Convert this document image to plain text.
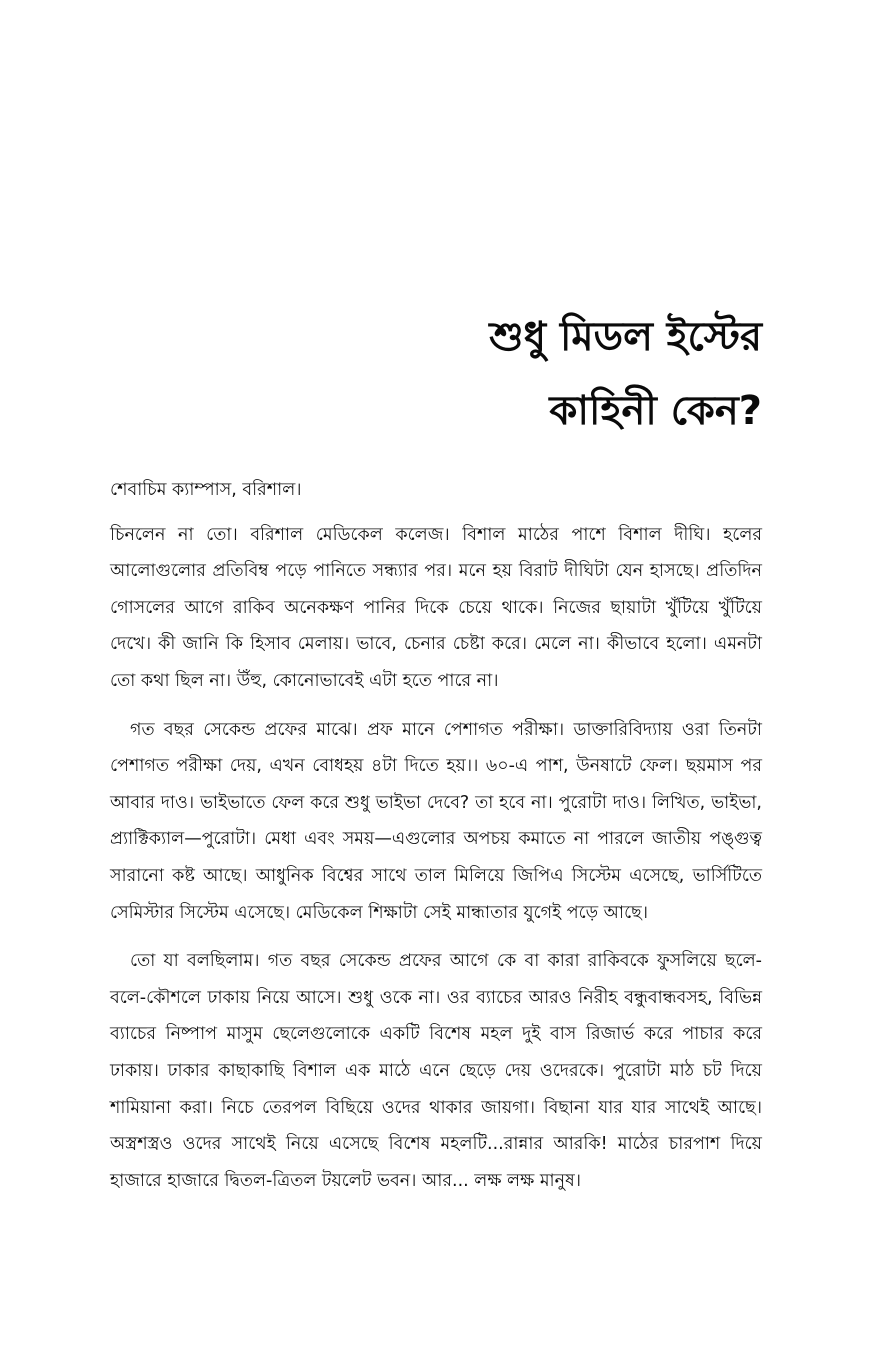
শুধু মিডল ইস্টের
কাহিনী কেন?

শেবাচিম ক্যাম্পাস, বরিশাল।

চিনলেন না তো। বরিশাল মেডিকেল কলেজ। বিশাল মাঠের পাশে বিশাল দীঘি। হলের আলোগুলোর প্রতিবিম্ব পড়ে পানিতে সন্ধ্যার পর। মনে হয় বিরাট দীঘিটা যেন হাসছে। প্রতিদিন গোসলের আগে রাকিব অনেকক্ষণ পানির দিকে চেয়ে থাকে। নিজের ছায়াটা খুঁটিয়ে খুঁটিয়ে দেখে। কী জানি কি হিসাব মেলায়। ভাবে, চেনার চেষ্টা করে। মেলে না। কীভাবে হলো। এমনটা তো কথা ছিল না। উঁহু, কোনোভাবেই এটা হতে পারে না।

গত বছর সেকেন্ড প্রফের মাঝে। প্রফ মানে পেশাগত পরীক্ষা। ডাক্তারিবিদ্যায় ওরা তিনটা পেশাগত পরীক্ষা দেয়, এখন বোধহয় ৪টা দিতে হয়।। ৬০-এ পাশ, উনষাটে ফেল। ছয়মাস পর আবার দাও। ভাইভাতে ফেল করে শুধু ভাইভা দেবে? তা হবে না। পুরোটা দাও। লিখিত, ভাইভা, প্র্যাক্টিক্যাল—পুরোটা। মেধা এবং সময়—এগুলোর অপচয় কমাতে না পারলে জাতীয় পঙ্গুত্ব সারানো কষ্ট আছে। আধুনিক বিশ্বের সাথে তাল মিলিয়ে জিপিএ সিস্টেম এসেছে, ভার্সিটিতে সেমিস্টার সিস্টেম এসেছে। মেডিকেল শিক্ষাটা সেই মান্ধাতার যুগেই পড়ে আছে।

তো যা বলছিলাম। গত বছর সেকেন্ড প্রফের আগে কে বা কারা রাকিবকে ফুসলিয়ে ছলে-বলে-কৌশলে ঢাকায় নিয়ে আসে। শুধু ওকে না। ওর ব্যাচের আরও নিরীহ বন্ধুবান্ধবসহ, বিভিন্ন ব্যাচের নিষ্পাপ মাসুম ছেলেগুলোকে একটি বিশেষ মহল দুই বাস রিজার্ভ করে পাচার করে ঢাকায়। ঢাকার কাছাকাছি বিশাল এক মাঠে এনে ছেড়ে দেয় ওদেরকে। পুরোটা মাঠ চট দিয়ে শামিয়ানা করা। নিচে তেরপল বিছিয়ে ওদের থাকার জায়গা। বিছানা যার যার সাথেই আছে। অস্ত্রশস্ত্রও ওদের সাথেই নিয়ে এসেছে বিশেষ মহলটি...রান্নার আরকি! মাঠের চারপাশ দিয়ে হাজারে হাজারে দ্বিতল-ত্রিতল টয়লেট ভবন। আর... লক্ষ লক্ষ মানুষ।
